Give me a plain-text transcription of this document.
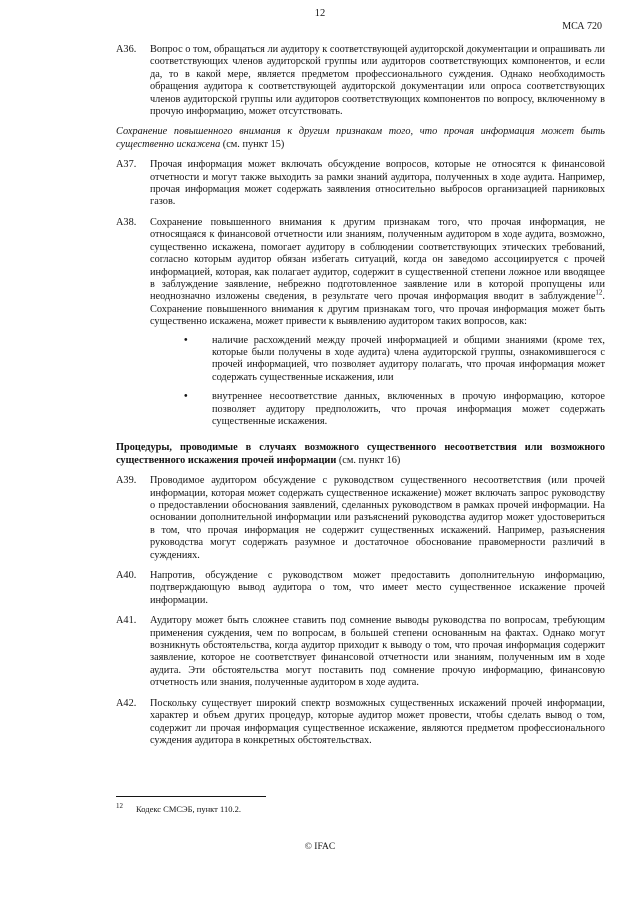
12
МСА 720
A36. Вопрос о том, обращаться ли аудитору к соответствующей аудиторской документации и опрашивать ли соответствующих членов аудиторской группы или аудиторов соответствующих компонентов, и если да, то в какой мере, является предметом профессионального суждения. Однако необходимость обращения аудитора к соответствующей аудиторской документации или опроса соответствующих членов аудиторской группы или аудиторов соответствующих компонентов по вопросу, включенному в прочую информацию, может отсутствовать.
Сохранение повышенного внимания к другим признакам того, что прочая информация может быть существенно искажена (см. пункт 15)
A37. Прочая информация может включать обсуждение вопросов, которые не относятся к финансовой отчетности и могут также выходить за рамки знаний аудитора, полученных в ходе аудита. Например, прочая информация может содержать заявления относительно выбросов организацией парниковых газов.
A38. Сохранение повышенного внимания к другим признакам того, что прочая информация, не относящаяся к финансовой отчетности или знаниям, полученным аудитором в ходе аудита, возможно, существенно искажена, помогает аудитору в соблюдении соответствующих этических требований, согласно которым аудитор обязан избегать ситуаций, когда он заведомо ассоциируется с прочей информацией, которая, как полагает аудитор, содержит в существенной степени ложное или вводящее в заблуждение заявление, небрежно подготовленное заявление или в которой пропущены или неоднозначно изложены сведения, в результате чего прочая информация вводит в заблуждение$^{12}$. Сохранение повышенного внимания к другим признакам того, что прочая информация может быть существенно искажена, может привести к выявлению аудитором таких вопросов, как:
• наличие расхождений между прочей информацией и общими знаниями (кроме тех, которые были получены в ходе аудита) члена аудиторской группы, ознакомившегося с прочей информацией, что позволяет аудитору полагать, что прочая информация может содержать существенные искажения, или
• внутреннее несоответствие данных, включенных в прочую информацию, которое позволяет аудитору предположить, что прочая информация может содержать существенные искажения.
Процедуры, проводимые в случаях возможного существенного несоответствия или возможного существенного искажения прочей информации (см. пункт 16)
A39. Проводимое аудитором обсуждение с руководством существенного несоответствия (или прочей информации, которая может содержать существенное искажение) может включать запрос руководству о предоставлении обоснования заявлений, сделанных руководством в рамках прочей информации. На основании дополнительной информации или разъяснений руководства аудитор может удостовериться в том, что прочая информация не содержит существенных искажений. Например, разъяснения руководства могут содержать разумное и достаточное обоснование правомерности различий в суждениях.
A40. Напротив, обсуждение с руководством может предоставить дополнительную информацию, подтверждающую вывод аудитора о том, что имеет место существенное искажение прочей информации.
A41. Аудитору может быть сложнее ставить под сомнение выводы руководства по вопросам, требующим применения суждения, чем по вопросам, в большей степени основанным на фактах. Однако могут возникнуть обстоятельства, когда аудитор приходит к выводу о том, что прочая информация содержит заявление, которое не соответствует финансовой отчетности или знаниям, полученным им в ходе аудита. Эти обстоятельства могут поставить под сомнение прочую информацию, финансовую отчетность или знания, полученные аудитором в ходе аудита.
A42. Поскольку существует широкий спектр возможных существенных искажений прочей информации, характер и объем других процедур, которые аудитор может провести, чтобы сделать вывод о том, содержит ли прочая информация существенное искажение, являются предметом профессионального суждения аудитора в конкретных обстоятельствах.
$^{12}$ Кодекс СМСЭБ, пункт 110.2.
© IFAC
